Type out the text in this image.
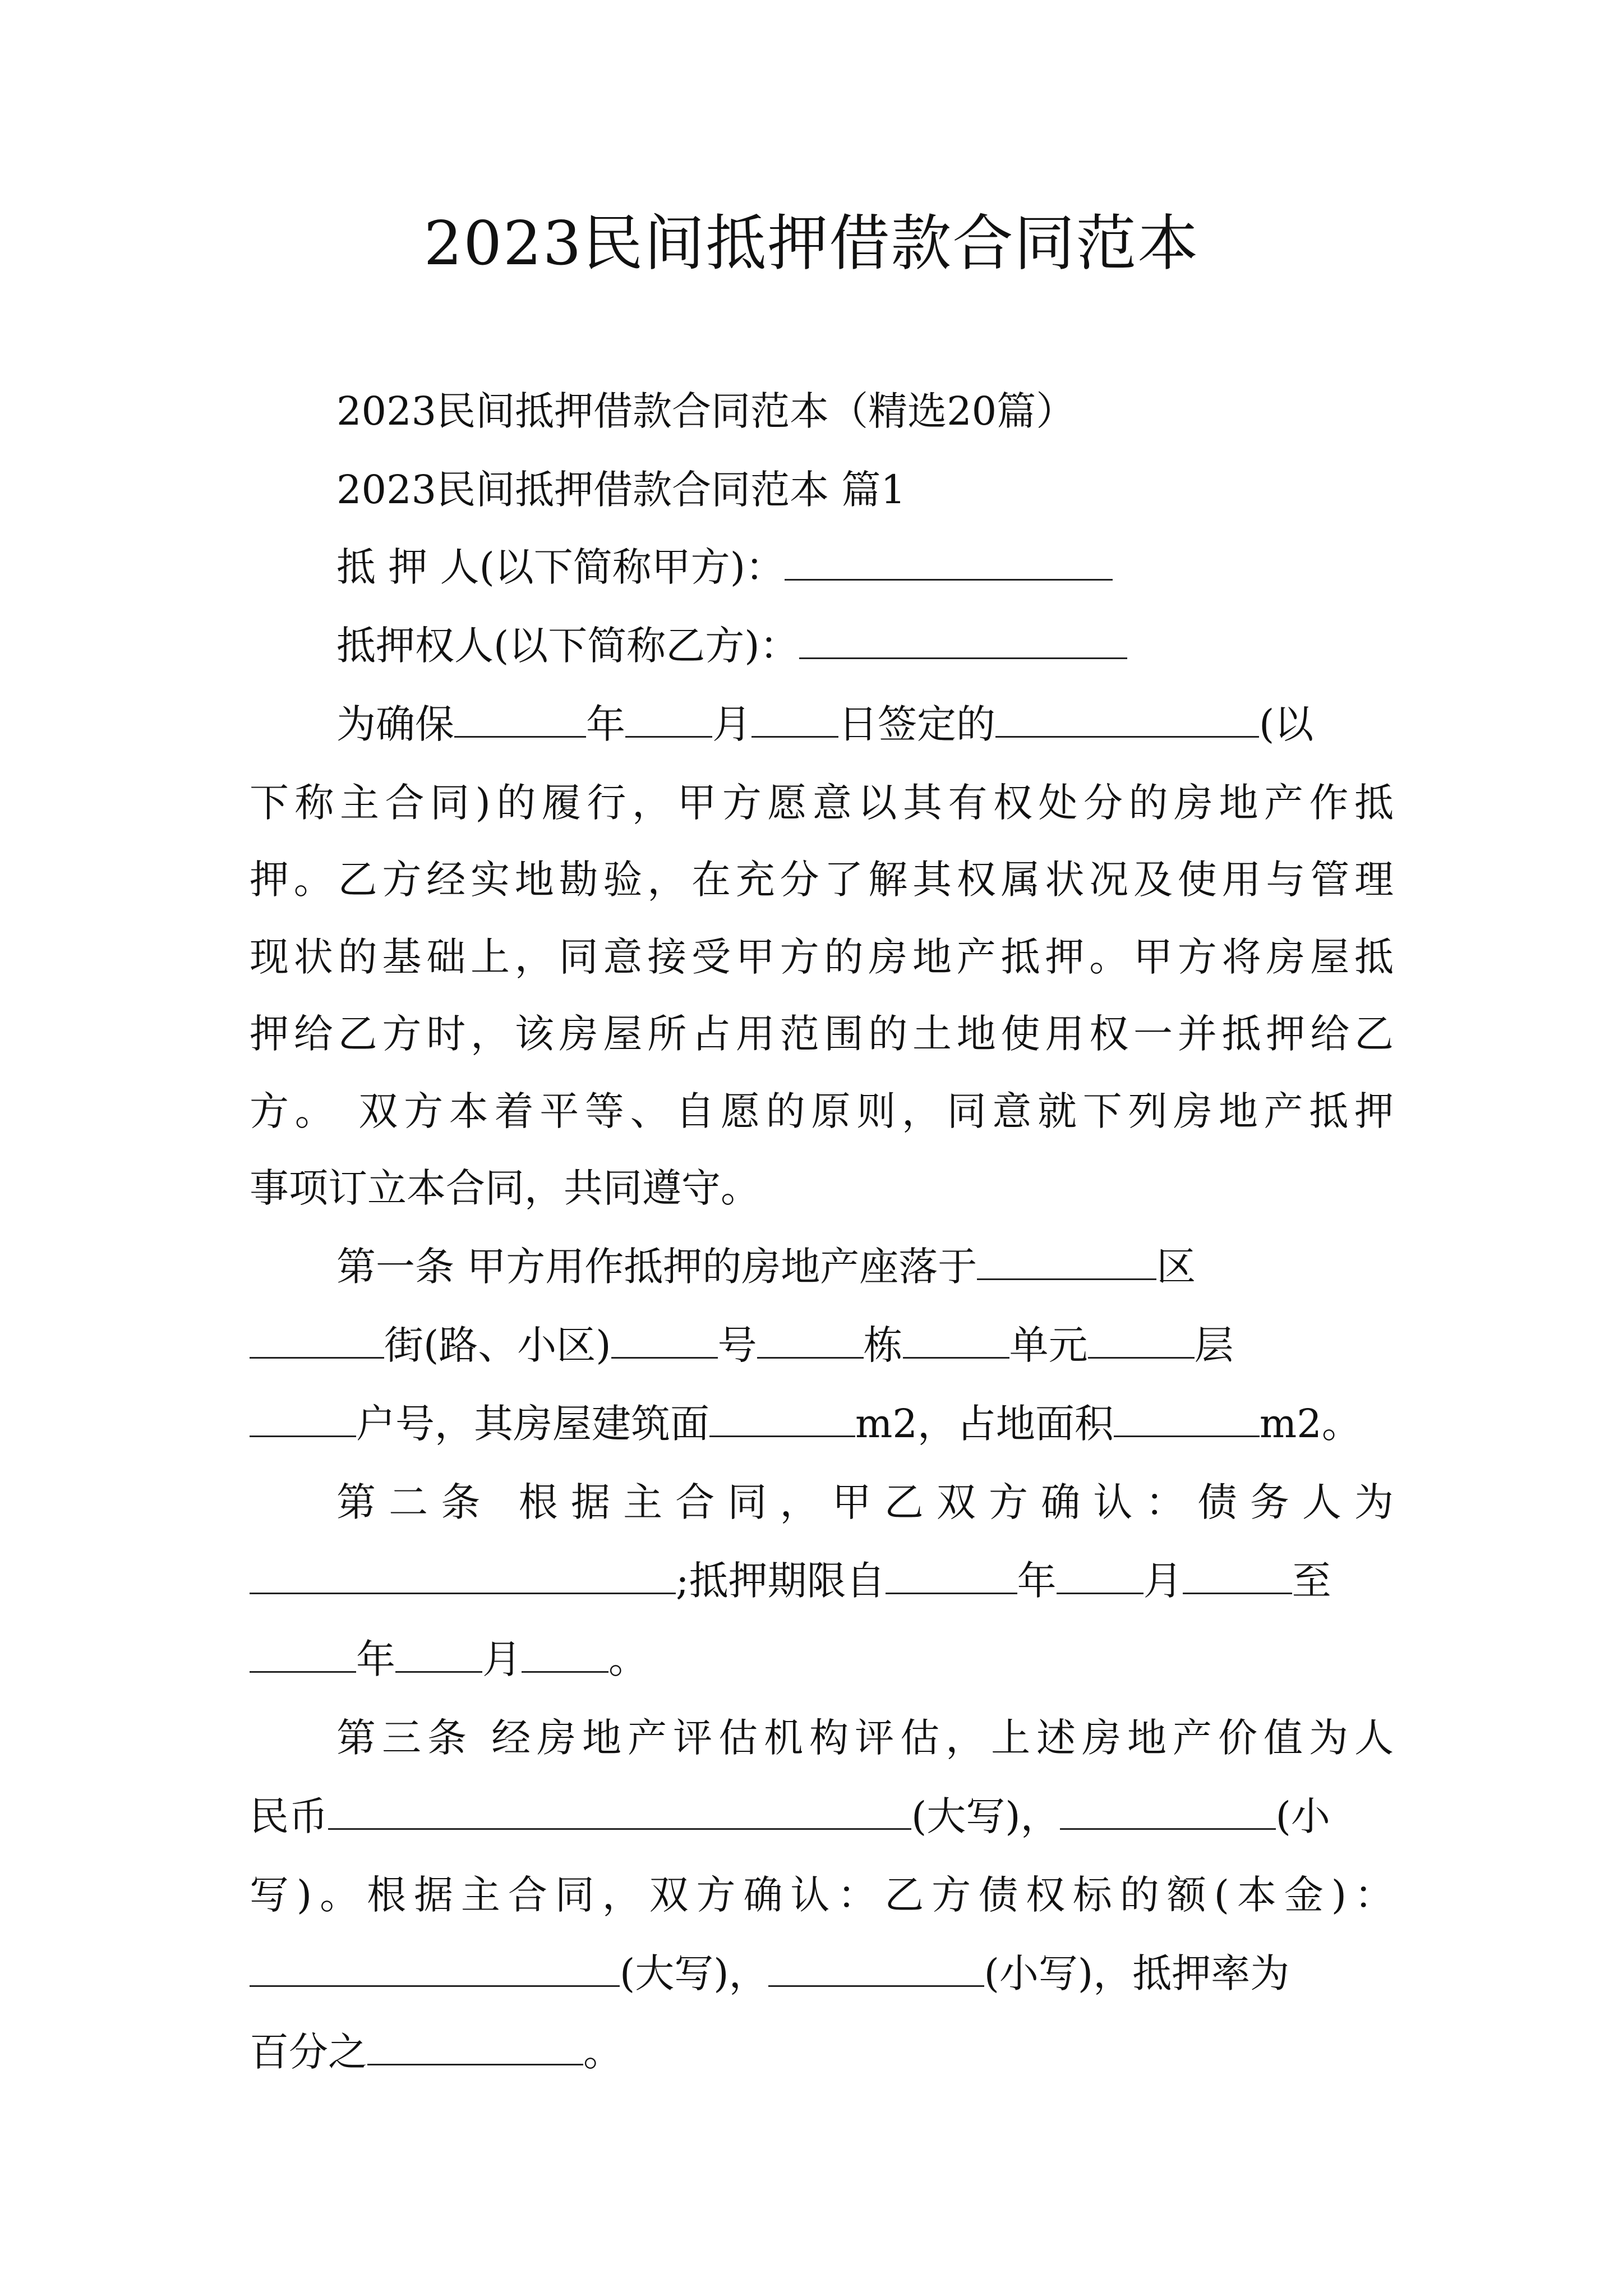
2023民间抵押借款合同范本
2023民间抵押借款合同范本（精选20篇）
2023民间抵押借款合同范本 篇1
抵 押 人(以下简称甲方)：
抵押权人(以下简称乙方)：
为确保	年 月 日签定的	(以
下称主合同)的履行，甲方愿意以其有权处分的房地产作抵
押。乙方经实地勘验，在充分了解其权属状况及使用与管理
现状的基础上，同意接受甲方的房地产抵押。甲方将房屋抵
押给乙方时，该房屋所占用范围的土地使用权一并抵押给乙
方。 双方本着平等、自愿的原则，同意就下列房地产抵押
事项订立本合同，共同遵守。
第一条 甲方用作抵押的房地产座落于	区
街(路、小区)	号	栋	单元	层
户号，其房屋建筑面	m2，占地面积	m2。
第二条 根据主合同，甲乙双方确认：债务人为
;抵押期限自	年 月	至
年 月 。
第三条 经房地产评估机构评估，上述房地产价值为人
民币	(大写)，	(小
写)。根据主合同，双方确认：乙方债权标的额(本金)：
(大写)，	(小写)，抵押率为
百分之	。
